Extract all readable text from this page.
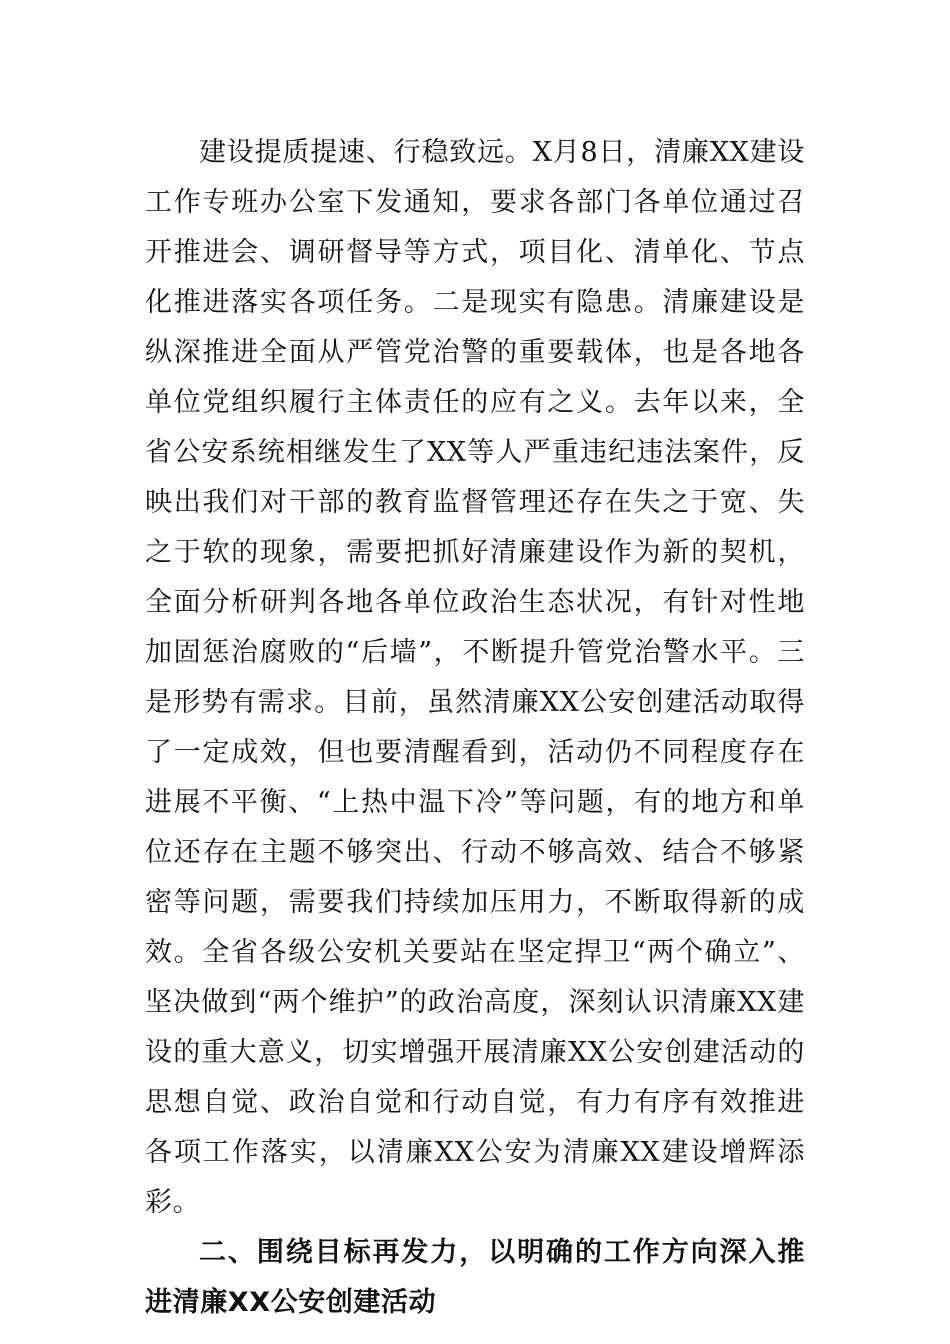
建设提质提速、行稳致远。X月8日，清廉XX建设工作专班办公室下发通知，要求各部门各单位通过召开推进会、调研督导等方式，项目化、清单化、节点化推进落实各项任务。二是现实有隐患。清廉建设是纵深推进全面从严管党治警的重要载体，也是各地各单位党组织履行主体责任的应有之义。去年以来，全省公安系统相继发生了XX等人严重违纪违法案件，反映出我们对干部的教育监督管理还存在失之于宽、失之于软的现象，需要把抓好清廉建设作为新的契机，全面分析研判各地各单位政治生态状况，有针对性地加固惩治腐败的“后墙”，不断提升管党治警水平。三是形势有需求。目前，虽然清廉XX公安创建活动取得了一定成效，但也要清醒看到，活动仍不同程度存在进展不平衡、“上热中温下冷”等问题，有的地方和单位还存在主题不够突出、行动不够高效、结合不够紧密等问题，需要我们持续加压用力，不断取得新的成效。全省各级公安机关要站在坚定捍卫“两个确立”、坚决做到“两个维护”的政治高度，深刻认识清廉XX建设的重大意义，切实增强开展清廉XX公安创建活动的思想自觉、政治自觉和行动自觉，有力有序有效推进各项工作落实，以清廉XX公安为清廉XX建设增辉添彩。

二、围绕目标再发力，以明确的工作方向深入推进清廉XX公安创建活动
